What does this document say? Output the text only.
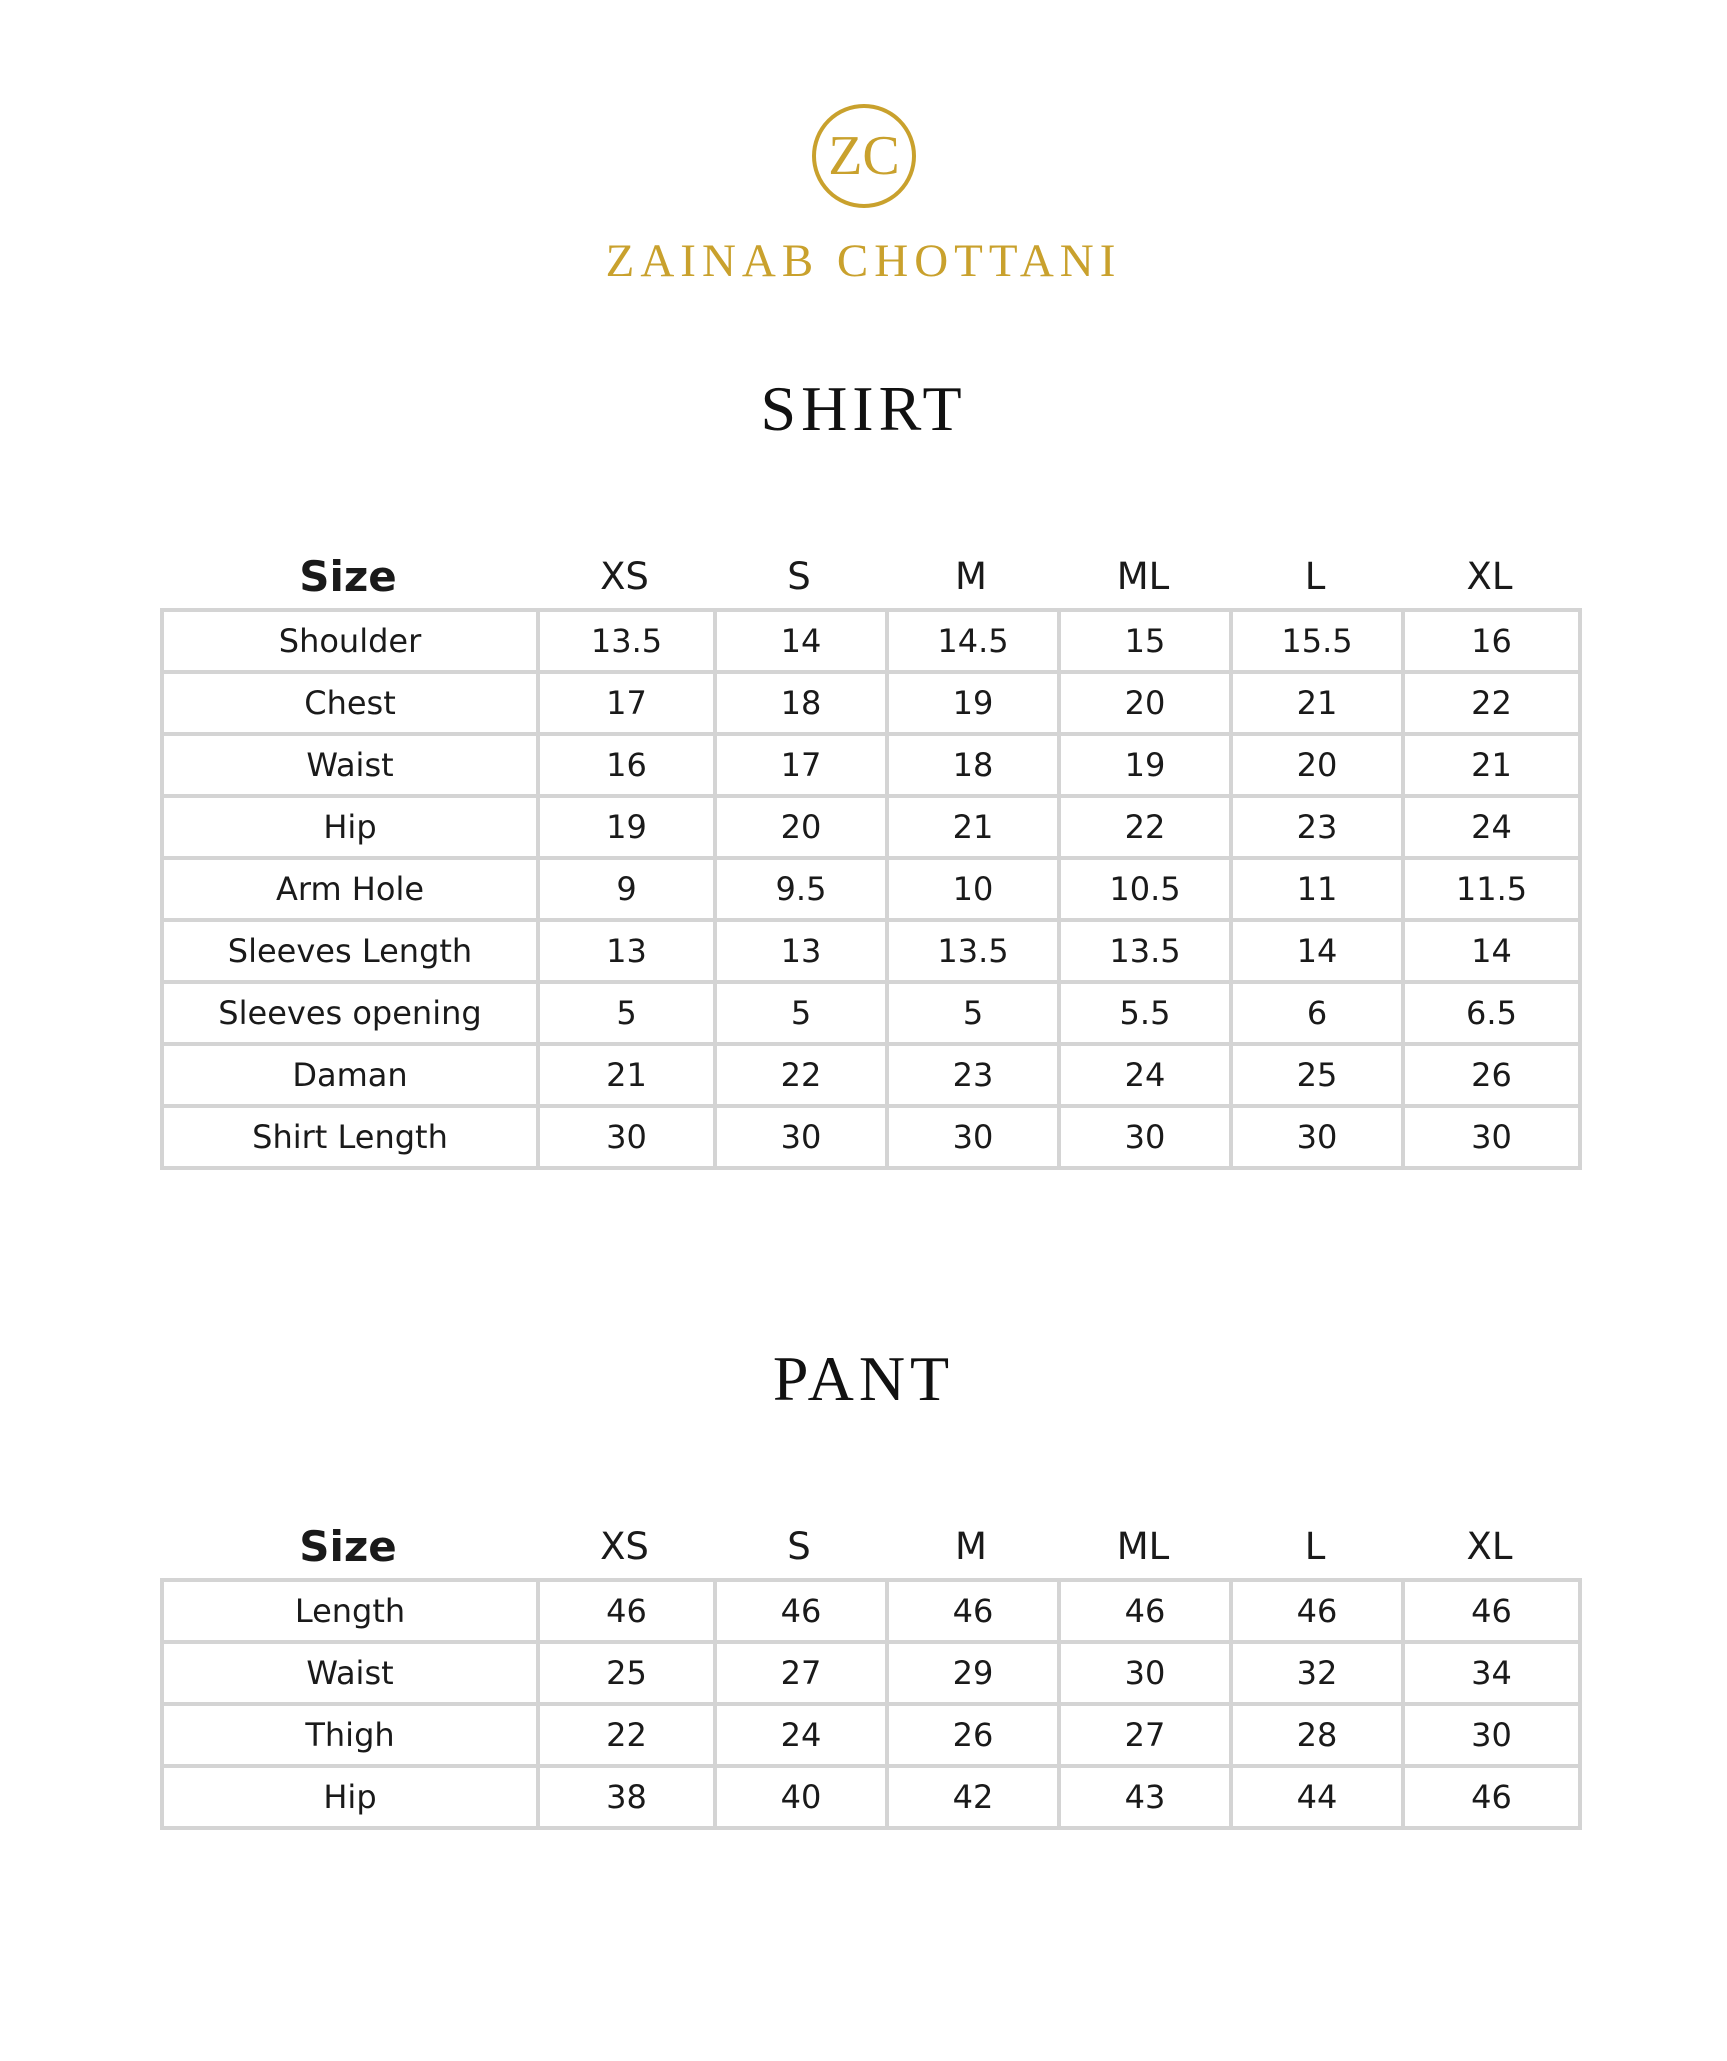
ZC
ZAINAB CHOTTANI
SHIRT
Size	XS	S	M	ML	L	XL
Shoulder	13.5	14	14.5	15	15.5	16
Chest	17	18	19	20	21	22
Waist	16	17	18	19	20	21
Hip	19	20	21	22	23	24
Arm Hole	9	9.5	10	10.5	11	11.5
Sleeves Length	13	13	13.5	13.5	14	14
Sleeves opening	5	5	5	5.5	6	6.5
Daman	21	22	23	24	25	26
Shirt Length	30	30	30	30	30	30
PANT
Size	XS	S	M	ML	L	XL
Length	46	46	46	46	46	46
Waist	25	27	29	30	32	34
Thigh	22	24	26	27	28	30
Hip	38	40	42	43	44	46
